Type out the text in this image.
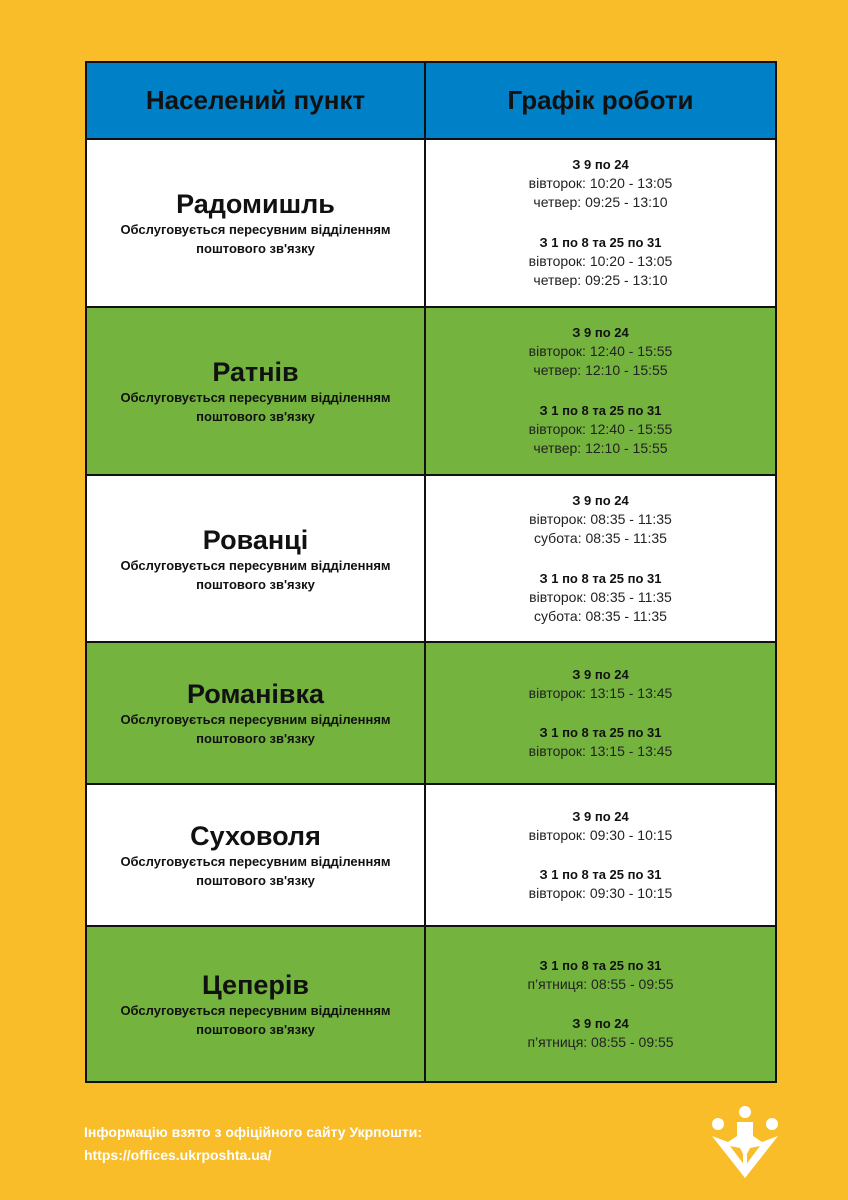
Населений пункт	Графік роботи
Радомишль
Обслуговується пересувним відділенням поштового зв'язку
З 9 по 24
вівторок: 10:20 - 13:05
четвер: 09:25 - 13:10
З 1 по 8 та 25 по 31
вівторок: 10:20 - 13:05
четвер: 09:25 - 13:10
Ратнів
Обслуговується пересувним відділенням поштового зв'язку
З 9 по 24
вівторок: 12:40 - 15:55
четвер: 12:10 - 15:55
З 1 по 8 та 25 по 31
вівторок: 12:40 - 15:55
четвер: 12:10 - 15:55
Рованці
Обслуговується пересувним відділенням поштового зв'язку
З 9 по 24
вівторок: 08:35 - 11:35
субота: 08:35 - 11:35
З 1 по 8 та 25 по 31
вівторок: 08:35 - 11:35
субота: 08:35 - 11:35
Романівка
Обслуговується пересувним відділенням поштового зв'язку
З 9 по 24
вівторок: 13:15 - 13:45
З 1 по 8 та 25 по 31
вівторок: 13:15 - 13:45
Суховоля
Обслуговується пересувним відділенням поштового зв'язку
З 9 по 24
вівторок: 09:30 - 10:15
З 1 по 8 та 25 по 31
вівторок: 09:30 - 10:15
Цеперів
Обслуговується пересувним відділенням поштового зв'язку
З 1 по 8 та 25 по 31
п’ятниця: 08:55 - 09:55
З 9 по 24
п’ятниця: 08:55 - 09:55
Інформацію взято з офіційного сайту Укрпошти:
https://offices.ukrposhta.ua/
